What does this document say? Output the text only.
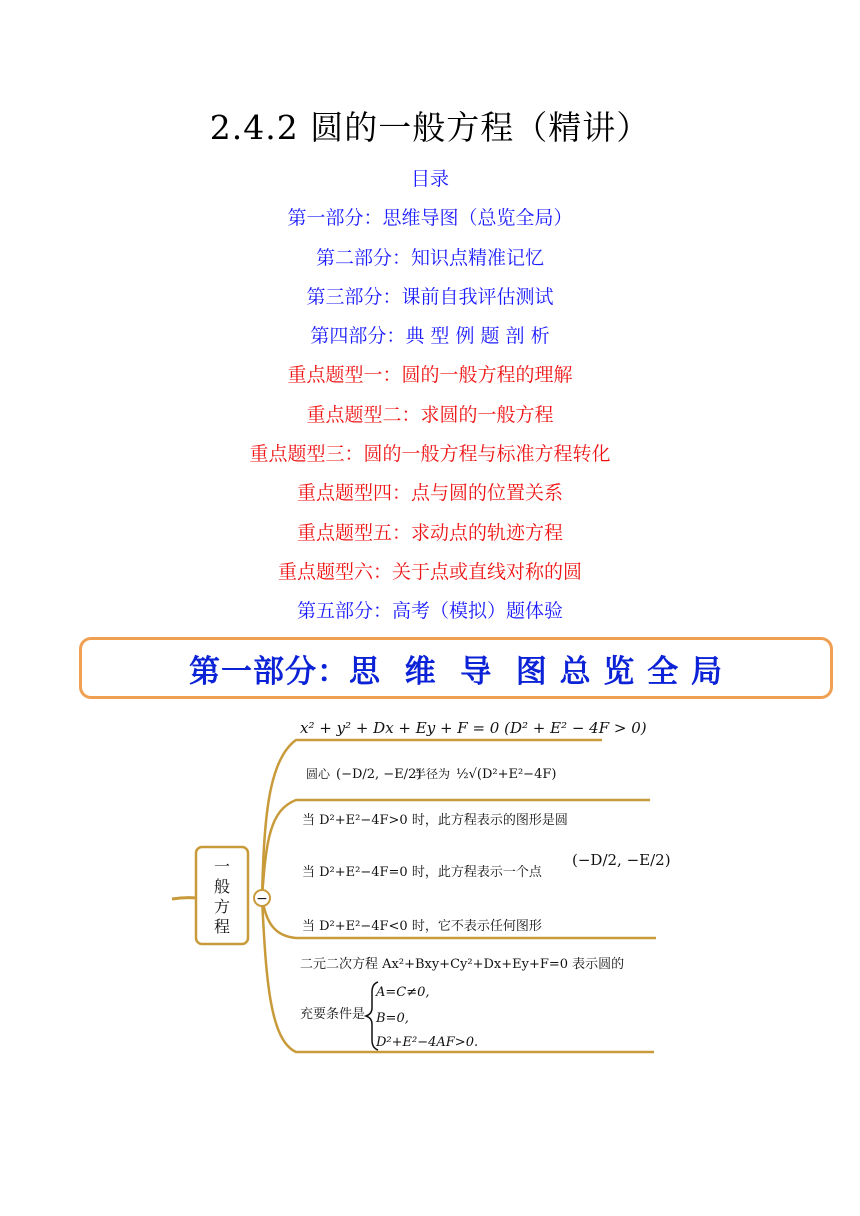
2.4.2 圆的一般方程（精讲）
目录
第一部分：思维导图（总览全局）
第二部分：知识点精准记忆
第三部分：课前自我评估测试
第四部分：典 型 例 题 剖 析
重点题型一：圆的一般方程的理解
重点题型二：求圆的一般方程
重点题型三：圆的一般方程与标准方程转化
重点题型四：点与圆的位置关系
重点题型五：求动点的轨迹方程
重点题型六：关于点或直线对称的圆
第五部分：高考（模拟）题体验
第一部分：思  维  导  图 总 览 全 局
一
般
方
程
−
x² + y² + Dx + Ey + F = 0 (D² + E² − 4F > 0)
圆心 (−D/2, −E/2)
半径为 ½√(D²+E²−4F)
当 D²+E²−4F>0 时，此方程表示的图形是圆
当 D²+E²−4F=0 时，此方程表示一个点
(−D/2, −E/2)
当 D²+E²−4F<0 时，它不表示任何图形
二元二次方程 Ax²+Bxy+Cy²+Dx+Ey+F=0 表示圆的
充要条件是
A=C≠0,
B=0,
D²+E²−4AF>0.
